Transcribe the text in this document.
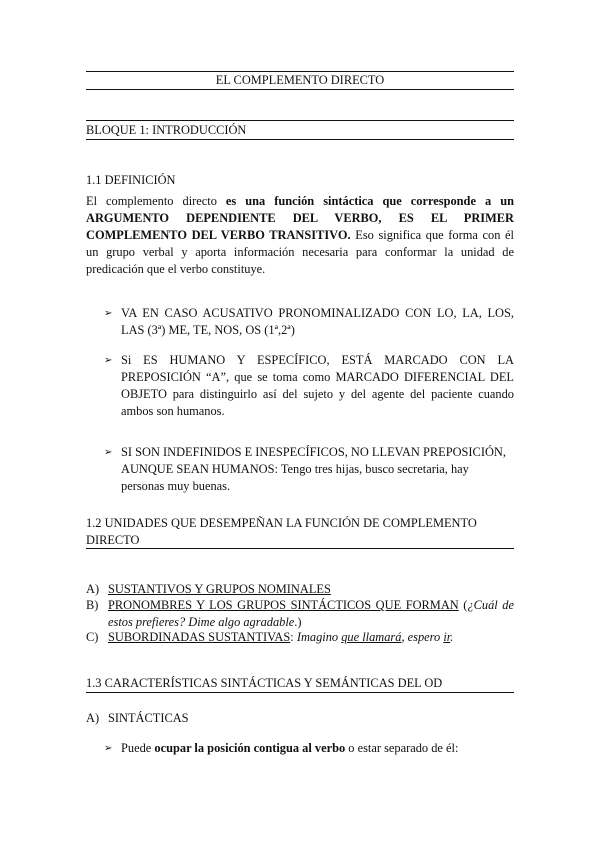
EL COMPLEMENTO DIRECTO
BLOQUE 1: INTRODUCCIÓN
1.1 DEFINICIÓN
El complemento directo es una función sintáctica que corresponde a un ARGUMENTO DEPENDIENTE DEL VERBO, ES EL PRIMER COMPLEMENTO DEL VERBO TRANSITIVO. Eso significa que forma con él un grupo verbal y aporta información necesaria para conformar la unidad de predicación que el verbo constituye.
➢ VA EN CASO ACUSATIVO PRONOMINALIZADO CON LO, LA, LOS, LAS (3ª) ME, TE, NOS, OS (1ª,2ª)
➢ Si ES HUMANO Y ESPECÍFICO, ESTÁ MARCADO CON LA PREPOSICIÓN “A”, que se toma como MARCADO DIFERENCIAL DEL OBJETO para distinguirlo así del sujeto y del agente del paciente cuando ambos son humanos.
➢ SI SON INDEFINIDOS E INESPECÍFICOS, NO LLEVAN PREPOSICIÓN, AUNQUE SEAN HUMANOS: Tengo tres hijas, busco secretaria, hay personas muy buenas.
1.2 UNIDADES QUE DESEMPEÑAN LA FUNCIÓN DE COMPLEMENTO DIRECTO
A) SUSTANTIVOS Y GRUPOS NOMINALES
B) PRONOMBRES Y LOS GRUPOS SINTÁCTICOS QUE FORMAN (¿Cuál de estos prefieres? Dime algo agradable.)
C) SUBORDINADAS SUSTANTIVAS: Imagino que llamará, espero ir.
1.3 CARACTERÍSTICAS SINTÁCTICAS Y SEMÁNTICAS DEL OD
A) SINTÁCTICAS
➢ Puede ocupar la posición contigua al verbo o estar separado de él:
